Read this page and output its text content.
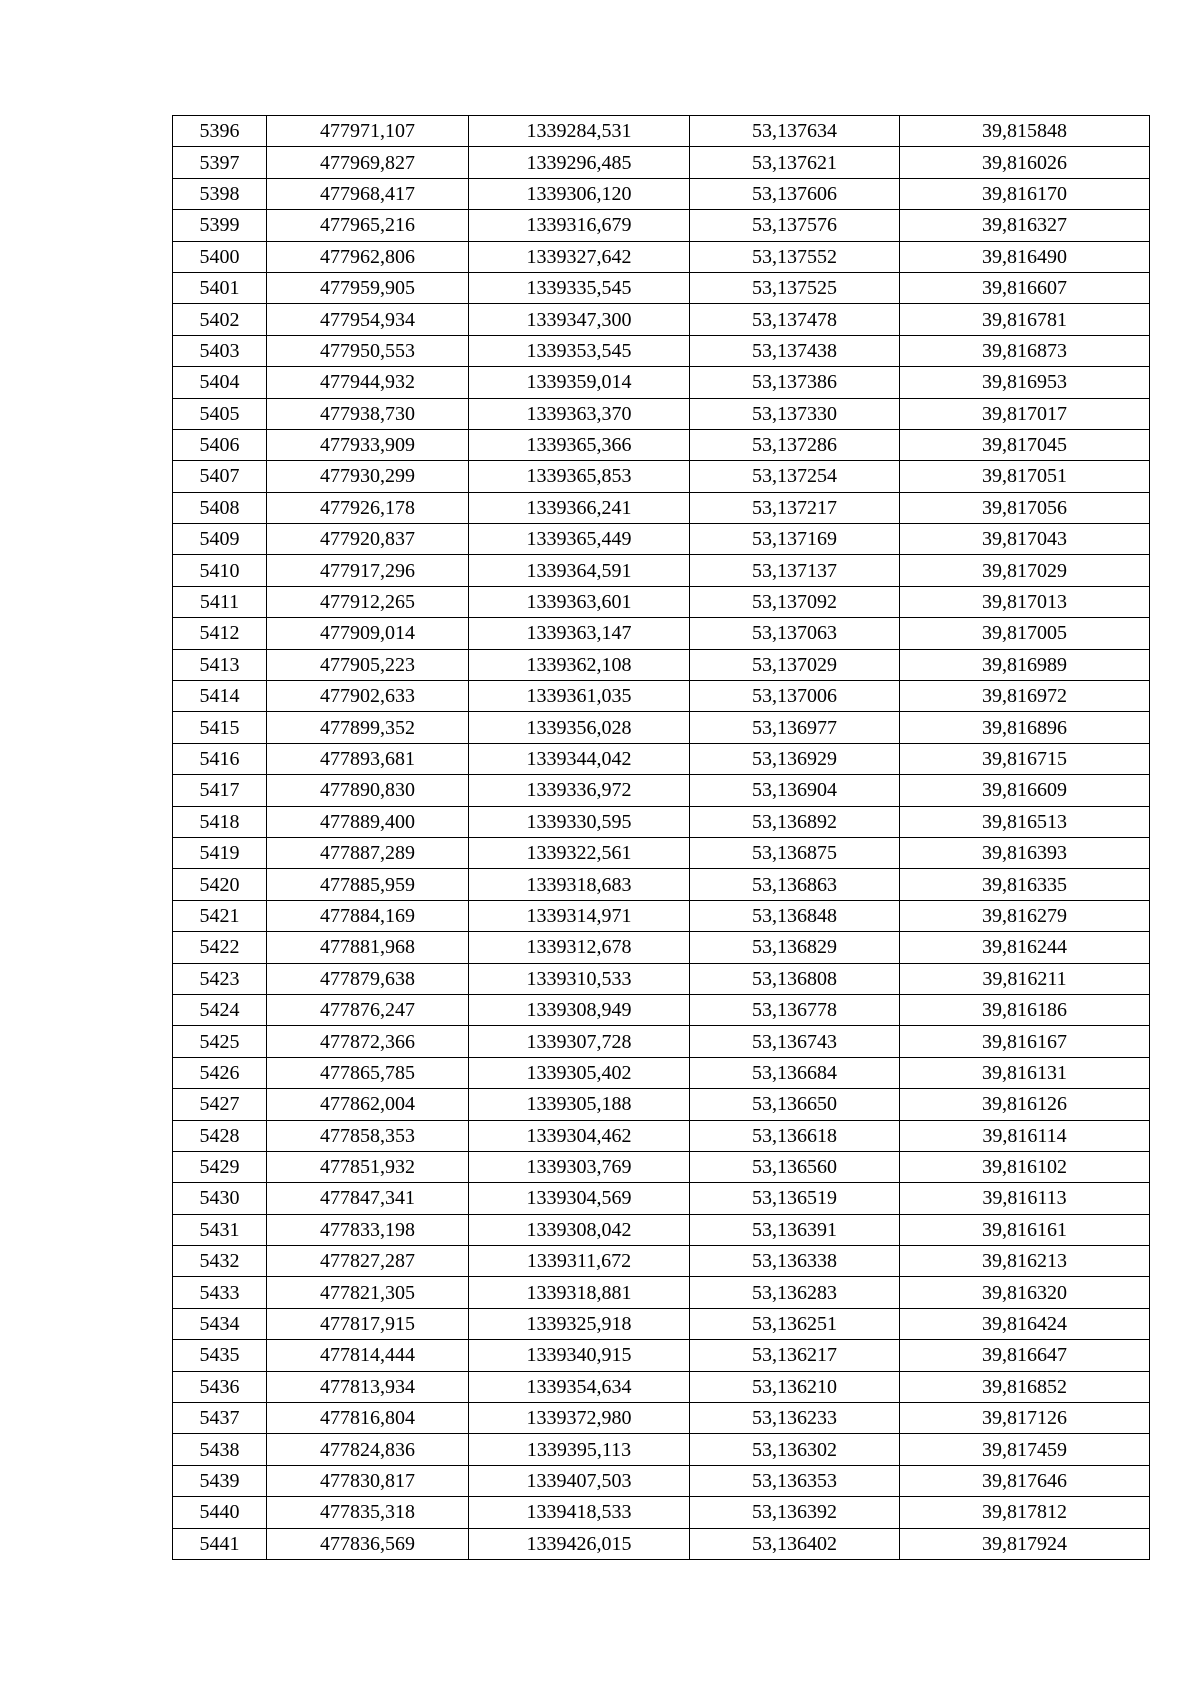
5396	477971,107	1339284,531	53,137634	39,815848
5397	477969,827	1339296,485	53,137621	39,816026
5398	477968,417	1339306,120	53,137606	39,816170
5399	477965,216	1339316,679	53,137576	39,816327
5400	477962,806	1339327,642	53,137552	39,816490
5401	477959,905	1339335,545	53,137525	39,816607
5402	477954,934	1339347,300	53,137478	39,816781
5403	477950,553	1339353,545	53,137438	39,816873
5404	477944,932	1339359,014	53,137386	39,816953
5405	477938,730	1339363,370	53,137330	39,817017
5406	477933,909	1339365,366	53,137286	39,817045
5407	477930,299	1339365,853	53,137254	39,817051
5408	477926,178	1339366,241	53,137217	39,817056
5409	477920,837	1339365,449	53,137169	39,817043
5410	477917,296	1339364,591	53,137137	39,817029
5411	477912,265	1339363,601	53,137092	39,817013
5412	477909,014	1339363,147	53,137063	39,817005
5413	477905,223	1339362,108	53,137029	39,816989
5414	477902,633	1339361,035	53,137006	39,816972
5415	477899,352	1339356,028	53,136977	39,816896
5416	477893,681	1339344,042	53,136929	39,816715
5417	477890,830	1339336,972	53,136904	39,816609
5418	477889,400	1339330,595	53,136892	39,816513
5419	477887,289	1339322,561	53,136875	39,816393
5420	477885,959	1339318,683	53,136863	39,816335
5421	477884,169	1339314,971	53,136848	39,816279
5422	477881,968	1339312,678	53,136829	39,816244
5423	477879,638	1339310,533	53,136808	39,816211
5424	477876,247	1339308,949	53,136778	39,816186
5425	477872,366	1339307,728	53,136743	39,816167
5426	477865,785	1339305,402	53,136684	39,816131
5427	477862,004	1339305,188	53,136650	39,816126
5428	477858,353	1339304,462	53,136618	39,816114
5429	477851,932	1339303,769	53,136560	39,816102
5430	477847,341	1339304,569	53,136519	39,816113
5431	477833,198	1339308,042	53,136391	39,816161
5432	477827,287	1339311,672	53,136338	39,816213
5433	477821,305	1339318,881	53,136283	39,816320
5434	477817,915	1339325,918	53,136251	39,816424
5435	477814,444	1339340,915	53,136217	39,816647
5436	477813,934	1339354,634	53,136210	39,816852
5437	477816,804	1339372,980	53,136233	39,817126
5438	477824,836	1339395,113	53,136302	39,817459
5439	477830,817	1339407,503	53,136353	39,817646
5440	477835,318	1339418,533	53,136392	39,817812
5441	477836,569	1339426,015	53,136402	39,817924
